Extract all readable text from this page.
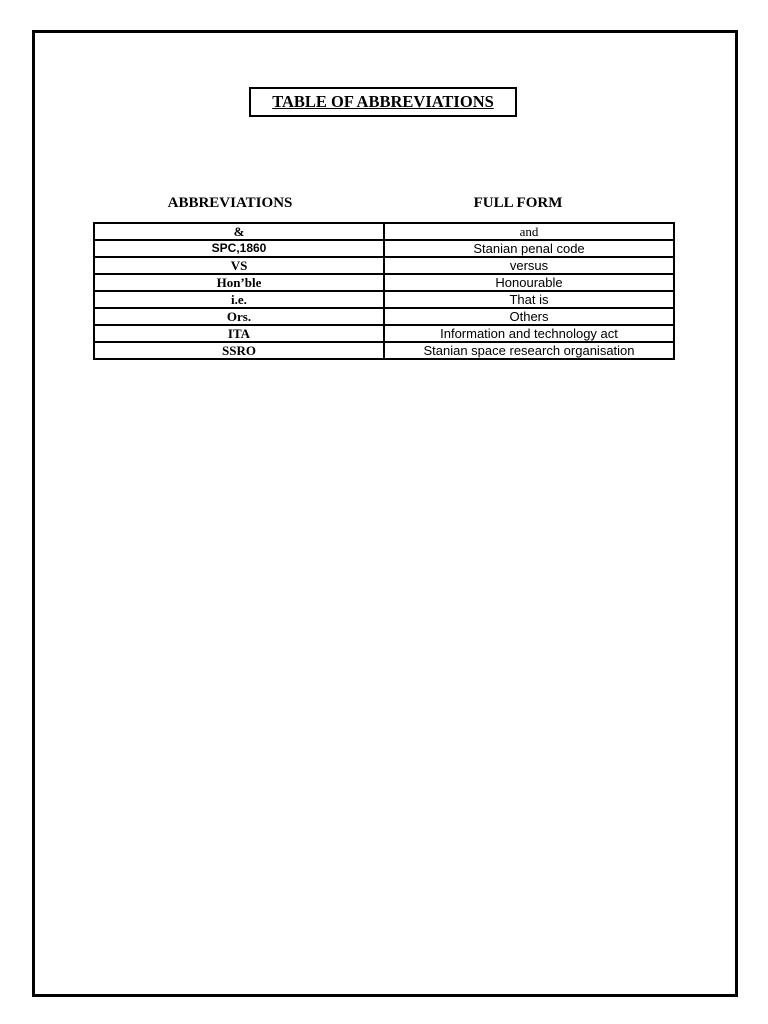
TABLE OF ABBREVIATIONS
ABBREVIATIONS	FULL FORM
&	and
SPC,1860	Stanian penal code
VS	versus
Hon’ble	Honourable
i.e.	That is
Ors.	Others
ITA	Information and technology act
SSRO	Stanian space research organisation
